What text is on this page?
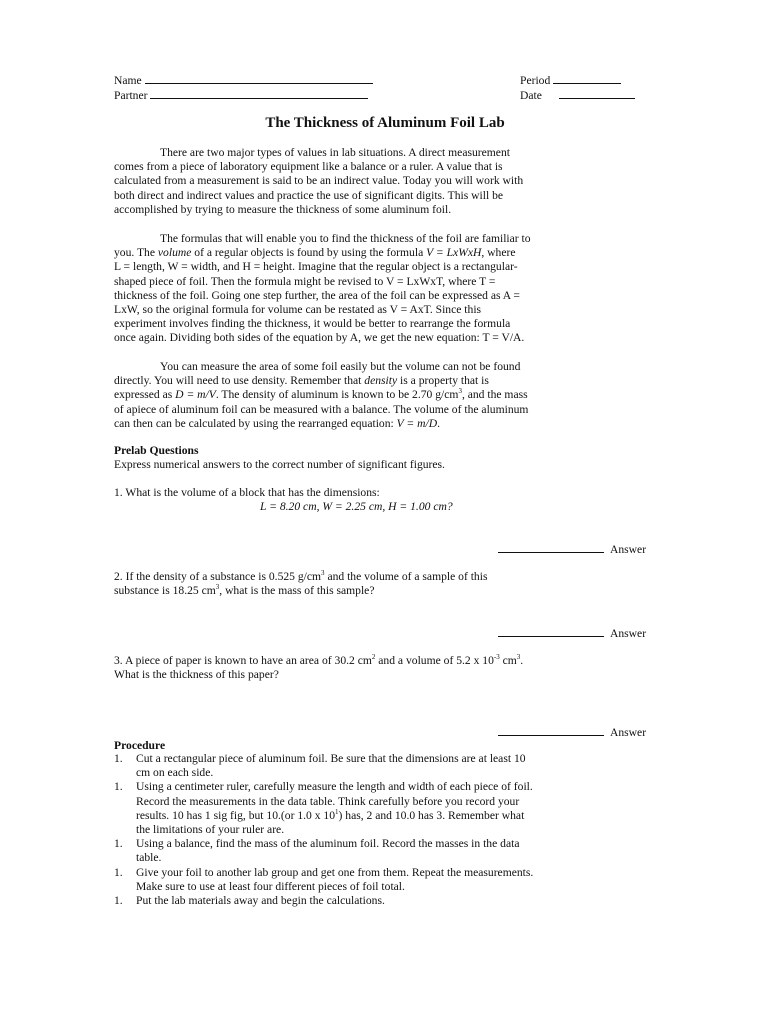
Name
Partner
Period
Date
The Thickness of Aluminum Foil Lab
There are two major types of values in lab situations. A direct measurement
comes from a piece of laboratory equipment like a balance or a ruler. A value that is
calculated from a measurement is said to be an indirect value. Today you will work with
both direct and indirect values and practice the use of significant digits. This will be
accomplished by trying to measure the thickness of some aluminum foil.
The formulas that will enable you to find the thickness of the foil are familiar to
you. The volume of a regular objects is found by using the formula V = LxWxH, where
L = length, W = width, and H = height. Imagine that the regular object is a rectangular-
shaped piece of foil. Then the formula might be revised to V = LxWxT, where T =
thickness of the foil. Going one step further, the area of the foil can be expressed as A =
LxW, so the original formula for volume can be restated as V = AxT. Since this
experiment involves finding the thickness, it would be better to rearrange the formula
once again. Dividing both sides of the equation by A, we get the new equation: T = V/A.
You can measure the area of some foil easily but the volume can not be found
directly. You will need to use density. Remember that density is a property that is
expressed as D = m/V. The density of aluminum is known to be 2.70 $g/cm^3$, and the mass
of apiece of aluminum foil can be measured with a balance. The volume of the aluminum
can then can be calculated by using the rearranged equation: V = m/D.
Prelab Questions
Express numerical answers to the correct number of significant figures.
1. What is the volume of a block that has the dimensions:
L = 8.20 cm, W = 2.25 cm, H = 1.00 cm?
Answer
2. If the density of a substance is 0.525 $g/cm^3$ and the volume of a sample of this
substance is 18.25 $cm^3$, what is the mass of this sample?
Answer
3. A piece of paper is known to have an area of 30.2 $cm^2$ and a volume of 5.2 x $10^{-3}$ $cm^3$.
What is the thickness of this paper?
Answer
Procedure
1. Cut a rectangular piece of aluminum foil. Be sure that the dimensions are at least 10
cm on each side.
1. Using a centimeter ruler, carefully measure the length and width of each piece of foil.
Record the measurements in the data table. Think carefully before you record your
results. 10 has 1 sig fig, but 10.(or 1.0 x $10^1$) has, 2 and 10.0 has 3. Remember what
the limitations of your ruler are.
1. Using a balance, find the mass of the aluminum foil. Record the masses in the data
table.
1. Give your foil to another lab group and get one from them. Repeat the measurements.
Make sure to use at least four different pieces of foil total.
1. Put the lab materials away and begin the calculations.
